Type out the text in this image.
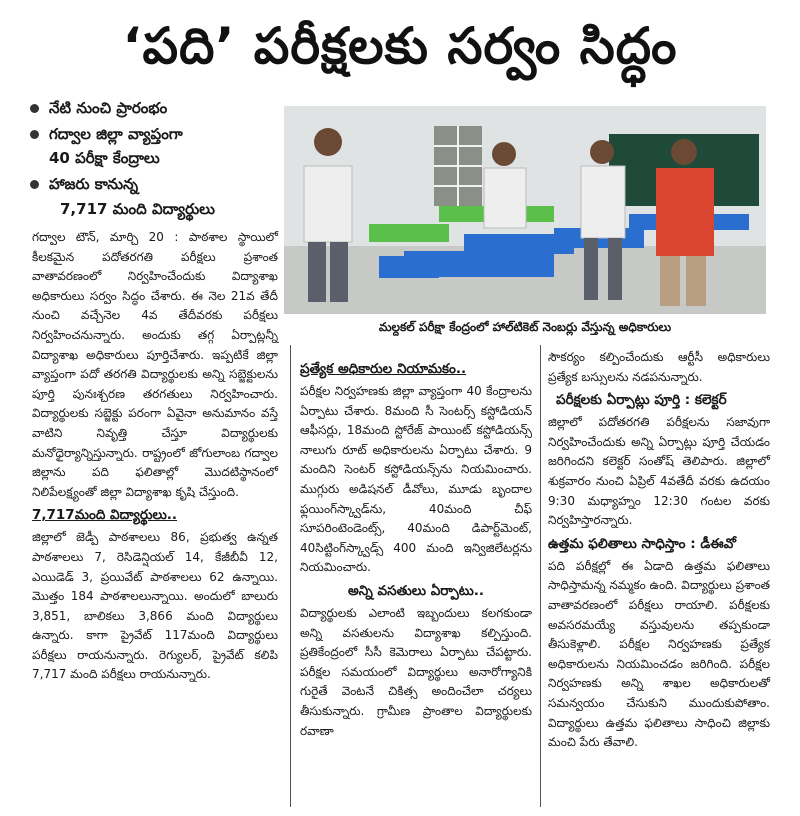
‘పది’ పరీక్షలకు సర్వం సిద్ధం
నేటి నుంచి ప్రారంభం
గద్వాల జిల్లా వ్యాప్తంగా
40 పరీక్షా కేంద్రాలు
హాజరు కానున్న
7,717 మంది విద్యార్థులు
మల్దకల్ పరీక్షా కేంద్రంలో హాల్‌టికెట్ నెంబర్లు వేస్తున్న అధికారులు

గద్వాల టౌన్, మార్చి 20 : పాఠశాల స్థాయిలో కీలకమైన పదోతరగతి పరీక్షలు ప్రశాంత వాతావరణంలో నిర్వహించేందుకు విద్యాశాఖ అధికారులు సర్వం సిద్ధం చేశారు. ఈ నెల 21వ తేదీ నుంచి వచ్చేనెల 4వ తేదీవరకు పరీక్షలు నిర్వహించనున్నారు. అందుకు తగ్గ ఏర్పాట్లన్నీ విద్యాశాఖ అధికారులు పూర్తిచేశారు. ఇప్పటికే జిల్లా వ్యాప్తంగా పదో తరగతి విద్యార్థులకు అన్ని సబ్జెక్టులను పూర్తి పునఃశ్చరణ తరగతులు నిర్వహించారు. విద్యార్థులకు సబ్జెక్టు పరంగా ఏవైనా అనుమానం వస్తే వాటిని నివృత్తి చేస్తూ విద్యార్థులకు మనోధైర్యాన్నిస్తున్నారు. రాష్ట్రంలో జోగులాంబ గద్వాల జిల్లాను పది ఫలితాల్లో మొదటిస్థానంలో నిలిపేలక్ష్యంతో జిల్లా విద్యాశాఖ కృషి చేస్తుంది.

7,717మంది విద్యార్థులు..

జిల్లాలో జెడ్పీ పాఠశాలలు 86, ప్రభుత్వ ఉన్నత పాఠశాలలు 7, రెసిడెన్షియల్ 14, కేజీబీవీ 12, ఎయిడెడ్ 3, ప్రయివేట్ పాఠశాలలు 62 ఉన్నాయి. మొత్తం 184 పాఠశాలలున్నాయి. అందులో బాలురు 3,851, బాలికలు 3,866 మంది విద్యార్థులు ఉన్నారు. కాగా ప్రైవేట్ 117మంది విద్యార్థులు పరీక్షలు రాయనున్నారు. రెగ్యులర్, ప్రైవేట్ కలిపి 7,717 మంది పరీక్షలు రాయనున్నారు.

ప్రత్యేక అధికారుల నియామకం..

పరీక్షల నిర్వహణకు జిల్లా వ్యాప్తంగా 40 కేంద్రాలను ఏర్పాటు చేశారు. 8మంది సీ సెంటర్స్ కస్టోడియన్ ఆఫీసర్లు, 18మంది స్టోరేజ్ పాయింట్ కస్టోడియన్స్ నాలుగు రూట్ అధికారులను ఏర్పాటు చేశారు. 9 మందిని సెంటర్ కస్టోడియన్స్‌ను నియమించారు. ముగ్గురు అడిషనల్ డీవోలు, మూడు బృందాల ఫ్లయింగ్‌స్క్వాడ్‌ను, 40మంది చీఫ్ సూపరింటెండెంట్స్, 40మంది డిపార్ట్‌మెంట్, 40సిట్టింగ్‌స్క్వాడ్స్ 400 మంది ఇన్విజిలేటర్లను నియమించారు.

అన్ని వసతులు ఏర్పాటు..

విద్యార్థులకు ఎలాంటి ఇబ్బందులు కలగకుండా అన్ని వసతులను విద్యాశాఖ కల్పిస్తుంది. ప్రతికేంద్రంలో సీసీ కెమెరాలు ఏర్పాటు చేపట్టారు. పరీక్షల సమయంలో విద్యార్థులు అనారోగ్యానికి గురైతే వెంటనే చికిత్స అందించేలా చర్యలు తీసుకున్నారు. గ్రామీణ ప్రాంతాల విద్యార్థులకు రవాణా

సౌకర్యం కల్పించేందుకు ఆర్టీసీ అధికారులు ప్రత్యేక బస్సులను నడపనున్నారు.

పరీక్షలకు ఏర్పాట్లు పూర్తి : కలెక్టర్

జిల్లాలో పదోతరగతి పరీక్షలను సజావుగా నిర్వహించేందుకు అన్ని ఏర్పాట్లు పూర్తి చేయడం జరిగిందని కలెక్టర్ సంతోష్ తెలిపారు. జిల్లాలో శుక్రవారం నుంచి ఏప్రిల్ 4వతేదీ వరకు ఉదయం 9:30 మధ్యాహ్నం 12:30 గంటల వరకు నిర్వహిస్తారన్నారు.

ఉత్తమ ఫలితాలు సాధిస్తాం : డీఈవో

పది పరీక్షల్లో ఈ ఏడాది ఉత్తమ ఫలితాలు సాధిస్తామన్న నమ్మకం ఉంది. విద్యార్థులు ప్రశాంత వాతావరణంలో పరీక్షలు రాయాలి. పరీక్షలకు అవసరమయ్యే వస్తువులను తప్పకుండా తీసుకెళ్లాలి. పరీక్షల నిర్వహణకు ప్రత్యేక అధికారులను నియమించడం జరిగింది. పరీక్షల నిర్వహణకు అన్ని శాఖల అధికారులతో సమన్వయం చేసుకుని ముందుకుపోతాం. విద్యార్థులు ఉత్తమ ఫలితాలు సాధించి జిల్లాకు మంచి పేరు తేవాలి.
